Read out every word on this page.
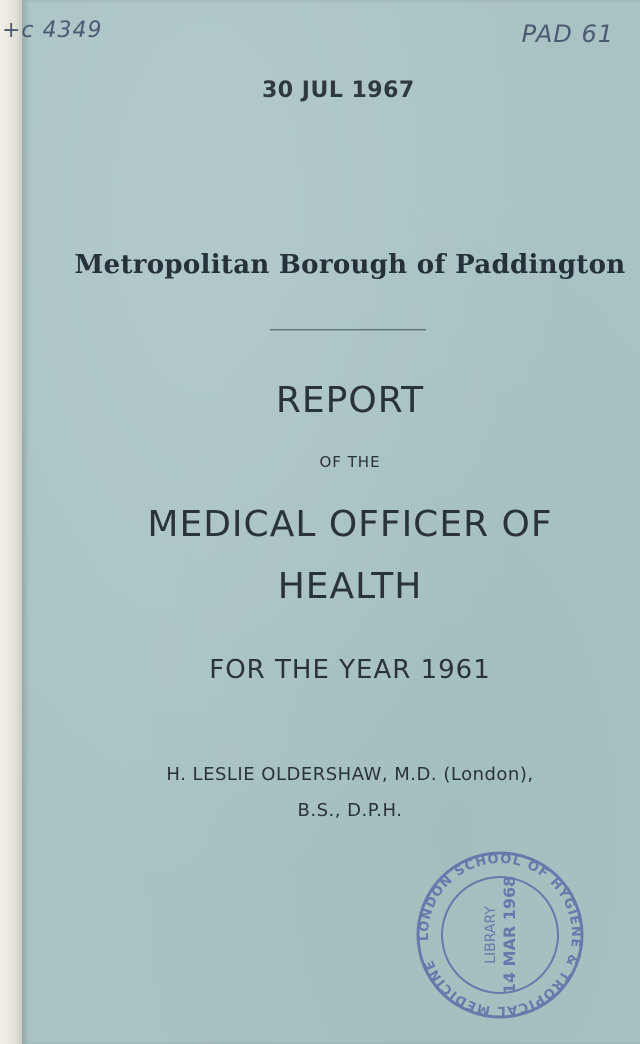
+c 4349	PAD 61
30 JUL 1967
Metropolitan Borough of Paddington
REPORT
OF THE
MEDICAL OFFICER OF
HEALTH
FOR THE YEAR 1961
H. LESLIE OLDERSHAW, M.D. (London),
B.S., D.P.H.
LONDON SCHOOL OF HYGIENE & TROPICAL MEDICINE
LIBRARY 14 MAR 1968
